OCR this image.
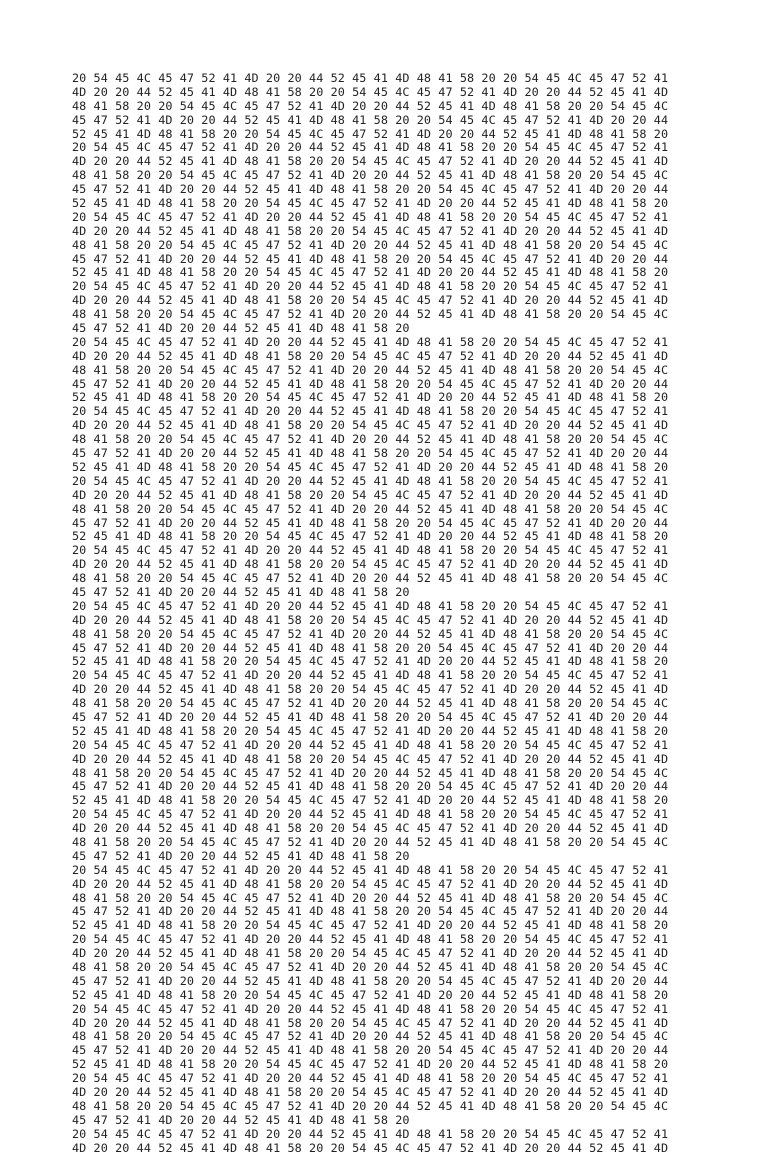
20 54 45 4C 45 47 52 41 4D 20 20 44 52 45 41 4D 48 41 58 20 20 54 45 4C 45 47 52 41
4D 20 20 44 52 45 41 4D 48 41 58 20 20 54 45 4C 45 47 52 41 4D 20 20 44 52 45 41 4D
48 41 58 20 20 54 45 4C 45 47 52 41 4D 20 20 44 52 45 41 4D 48 41 58 20 20 54 45 4C
45 47 52 41 4D 20 20 44 52 45 41 4D 48 41 58 20 20 54 45 4C 45 47 52 41 4D 20 20 44
52 45 41 4D 48 41 58 20 20 54 45 4C 45 47 52 41 4D 20 20 44 52 45 41 4D 48 41 58 20
20 54 45 4C 45 47 52 41 4D 20 20 44 52 45 41 4D 48 41 58 20 20 54 45 4C 45 47 52 41
4D 20 20 44 52 45 41 4D 48 41 58 20 20 54 45 4C 45 47 52 41 4D 20 20 44 52 45 41 4D
48 41 58 20 20 54 45 4C 45 47 52 41 4D 20 20 44 52 45 41 4D 48 41 58 20 20 54 45 4C
45 47 52 41 4D 20 20 44 52 45 41 4D 48 41 58 20 20 54 45 4C 45 47 52 41 4D 20 20 44
52 45 41 4D 48 41 58 20 20 54 45 4C 45 47 52 41 4D 20 20 44 52 45 41 4D 48 41 58 20
20 54 45 4C 45 47 52 41 4D 20 20 44 52 45 41 4D 48 41 58 20 20 54 45 4C 45 47 52 41
4D 20 20 44 52 45 41 4D 48 41 58 20 20 54 45 4C 45 47 52 41 4D 20 20 44 52 45 41 4D
48 41 58 20 20 54 45 4C 45 47 52 41 4D 20 20 44 52 45 41 4D 48 41 58 20 20 54 45 4C
45 47 52 41 4D 20 20 44 52 45 41 4D 48 41 58 20 20 54 45 4C 45 47 52 41 4D 20 20 44
52 45 41 4D 48 41 58 20 20 54 45 4C 45 47 52 41 4D 20 20 44 52 45 41 4D 48 41 58 20
20 54 45 4C 45 47 52 41 4D 20 20 44 52 45 41 4D 48 41 58 20 20 54 45 4C 45 47 52 41
4D 20 20 44 52 45 41 4D 48 41 58 20 20 54 45 4C 45 47 52 41 4D 20 20 44 52 45 41 4D
48 41 58 20 20 54 45 4C 45 47 52 41 4D 20 20 44 52 45 41 4D 48 41 58 20 20 54 45 4C
45 47 52 41 4D 20 20 44 52 45 41 4D 48 41 58 20
20 54 45 4C 45 47 52 41 4D 20 20 44 52 45 41 4D 48 41 58 20 20 54 45 4C 45 47 52 41
4D 20 20 44 52 45 41 4D 48 41 58 20 20 54 45 4C 45 47 52 41 4D 20 20 44 52 45 41 4D
48 41 58 20 20 54 45 4C 45 47 52 41 4D 20 20 44 52 45 41 4D 48 41 58 20 20 54 45 4C
45 47 52 41 4D 20 20 44 52 45 41 4D 48 41 58 20 20 54 45 4C 45 47 52 41 4D 20 20 44
52 45 41 4D 48 41 58 20 20 54 45 4C 45 47 52 41 4D 20 20 44 52 45 41 4D 48 41 58 20
20 54 45 4C 45 47 52 41 4D 20 20 44 52 45 41 4D 48 41 58 20 20 54 45 4C 45 47 52 41
4D 20 20 44 52 45 41 4D 48 41 58 20 20 54 45 4C 45 47 52 41 4D 20 20 44 52 45 41 4D
48 41 58 20 20 54 45 4C 45 47 52 41 4D 20 20 44 52 45 41 4D 48 41 58 20 20 54 45 4C
45 47 52 41 4D 20 20 44 52 45 41 4D 48 41 58 20 20 54 45 4C 45 47 52 41 4D 20 20 44
52 45 41 4D 48 41 58 20 20 54 45 4C 45 47 52 41 4D 20 20 44 52 45 41 4D 48 41 58 20
20 54 45 4C 45 47 52 41 4D 20 20 44 52 45 41 4D 48 41 58 20 20 54 45 4C 45 47 52 41
4D 20 20 44 52 45 41 4D 48 41 58 20 20 54 45 4C 45 47 52 41 4D 20 20 44 52 45 41 4D
48 41 58 20 20 54 45 4C 45 47 52 41 4D 20 20 44 52 45 41 4D 48 41 58 20 20 54 45 4C
45 47 52 41 4D 20 20 44 52 45 41 4D 48 41 58 20 20 54 45 4C 45 47 52 41 4D 20 20 44
52 45 41 4D 48 41 58 20 20 54 45 4C 45 47 52 41 4D 20 20 44 52 45 41 4D 48 41 58 20
20 54 45 4C 45 47 52 41 4D 20 20 44 52 45 41 4D 48 41 58 20 20 54 45 4C 45 47 52 41
4D 20 20 44 52 45 41 4D 48 41 58 20 20 54 45 4C 45 47 52 41 4D 20 20 44 52 45 41 4D
48 41 58 20 20 54 45 4C 45 47 52 41 4D 20 20 44 52 45 41 4D 48 41 58 20 20 54 45 4C
45 47 52 41 4D 20 20 44 52 45 41 4D 48 41 58 20
20 54 45 4C 45 47 52 41 4D 20 20 44 52 45 41 4D 48 41 58 20 20 54 45 4C 45 47 52 41
4D 20 20 44 52 45 41 4D 48 41 58 20 20 54 45 4C 45 47 52 41 4D 20 20 44 52 45 41 4D
48 41 58 20 20 54 45 4C 45 47 52 41 4D 20 20 44 52 45 41 4D 48 41 58 20 20 54 45 4C
45 47 52 41 4D 20 20 44 52 45 41 4D 48 41 58 20 20 54 45 4C 45 47 52 41 4D 20 20 44
52 45 41 4D 48 41 58 20 20 54 45 4C 45 47 52 41 4D 20 20 44 52 45 41 4D 48 41 58 20
20 54 45 4C 45 47 52 41 4D 20 20 44 52 45 41 4D 48 41 58 20 20 54 45 4C 45 47 52 41
4D 20 20 44 52 45 41 4D 48 41 58 20 20 54 45 4C 45 47 52 41 4D 20 20 44 52 45 41 4D
48 41 58 20 20 54 45 4C 45 47 52 41 4D 20 20 44 52 45 41 4D 48 41 58 20 20 54 45 4C
45 47 52 41 4D 20 20 44 52 45 41 4D 48 41 58 20 20 54 45 4C 45 47 52 41 4D 20 20 44
52 45 41 4D 48 41 58 20 20 54 45 4C 45 47 52 41 4D 20 20 44 52 45 41 4D 48 41 58 20
20 54 45 4C 45 47 52 41 4D 20 20 44 52 45 41 4D 48 41 58 20 20 54 45 4C 45 47 52 41
4D 20 20 44 52 45 41 4D 48 41 58 20 20 54 45 4C 45 47 52 41 4D 20 20 44 52 45 41 4D
48 41 58 20 20 54 45 4C 45 47 52 41 4D 20 20 44 52 45 41 4D 48 41 58 20 20 54 45 4C
45 47 52 41 4D 20 20 44 52 45 41 4D 48 41 58 20 20 54 45 4C 45 47 52 41 4D 20 20 44
52 45 41 4D 48 41 58 20 20 54 45 4C 45 47 52 41 4D 20 20 44 52 45 41 4D 48 41 58 20
20 54 45 4C 45 47 52 41 4D 20 20 44 52 45 41 4D 48 41 58 20 20 54 45 4C 45 47 52 41
4D 20 20 44 52 45 41 4D 48 41 58 20 20 54 45 4C 45 47 52 41 4D 20 20 44 52 45 41 4D
48 41 58 20 20 54 45 4C 45 47 52 41 4D 20 20 44 52 45 41 4D 48 41 58 20 20 54 45 4C
45 47 52 41 4D 20 20 44 52 45 41 4D 48 41 58 20
20 54 45 4C 45 47 52 41 4D 20 20 44 52 45 41 4D 48 41 58 20 20 54 45 4C 45 47 52 41
4D 20 20 44 52 45 41 4D 48 41 58 20 20 54 45 4C 45 47 52 41 4D 20 20 44 52 45 41 4D
48 41 58 20 20 54 45 4C 45 47 52 41 4D 20 20 44 52 45 41 4D 48 41 58 20 20 54 45 4C
45 47 52 41 4D 20 20 44 52 45 41 4D 48 41 58 20 20 54 45 4C 45 47 52 41 4D 20 20 44
52 45 41 4D 48 41 58 20 20 54 45 4C 45 47 52 41 4D 20 20 44 52 45 41 4D 48 41 58 20
20 54 45 4C 45 47 52 41 4D 20 20 44 52 45 41 4D 48 41 58 20 20 54 45 4C 45 47 52 41
4D 20 20 44 52 45 41 4D 48 41 58 20 20 54 45 4C 45 47 52 41 4D 20 20 44 52 45 41 4D
48 41 58 20 20 54 45 4C 45 47 52 41 4D 20 20 44 52 45 41 4D 48 41 58 20 20 54 45 4C
45 47 52 41 4D 20 20 44 52 45 41 4D 48 41 58 20 20 54 45 4C 45 47 52 41 4D 20 20 44
52 45 41 4D 48 41 58 20 20 54 45 4C 45 47 52 41 4D 20 20 44 52 45 41 4D 48 41 58 20
20 54 45 4C 45 47 52 41 4D 20 20 44 52 45 41 4D 48 41 58 20 20 54 45 4C 45 47 52 41
4D 20 20 44 52 45 41 4D 48 41 58 20 20 54 45 4C 45 47 52 41 4D 20 20 44 52 45 41 4D
48 41 58 20 20 54 45 4C 45 47 52 41 4D 20 20 44 52 45 41 4D 48 41 58 20 20 54 45 4C
45 47 52 41 4D 20 20 44 52 45 41 4D 48 41 58 20 20 54 45 4C 45 47 52 41 4D 20 20 44
52 45 41 4D 48 41 58 20 20 54 45 4C 45 47 52 41 4D 20 20 44 52 45 41 4D 48 41 58 20
20 54 45 4C 45 47 52 41 4D 20 20 44 52 45 41 4D 48 41 58 20 20 54 45 4C 45 47 52 41
4D 20 20 44 52 45 41 4D 48 41 58 20 20 54 45 4C 45 47 52 41 4D 20 20 44 52 45 41 4D
48 41 58 20 20 54 45 4C 45 47 52 41 4D 20 20 44 52 45 41 4D 48 41 58 20 20 54 45 4C
45 47 52 41 4D 20 20 44 52 45 41 4D 48 41 58 20
20 54 45 4C 45 47 52 41 4D 20 20 44 52 45 41 4D 48 41 58 20 20 54 45 4C 45 47 52 41
4D 20 20 44 52 45 41 4D 48 41 58 20 20 54 45 4C 45 47 52 41 4D 20 20 44 52 45 41 4D
